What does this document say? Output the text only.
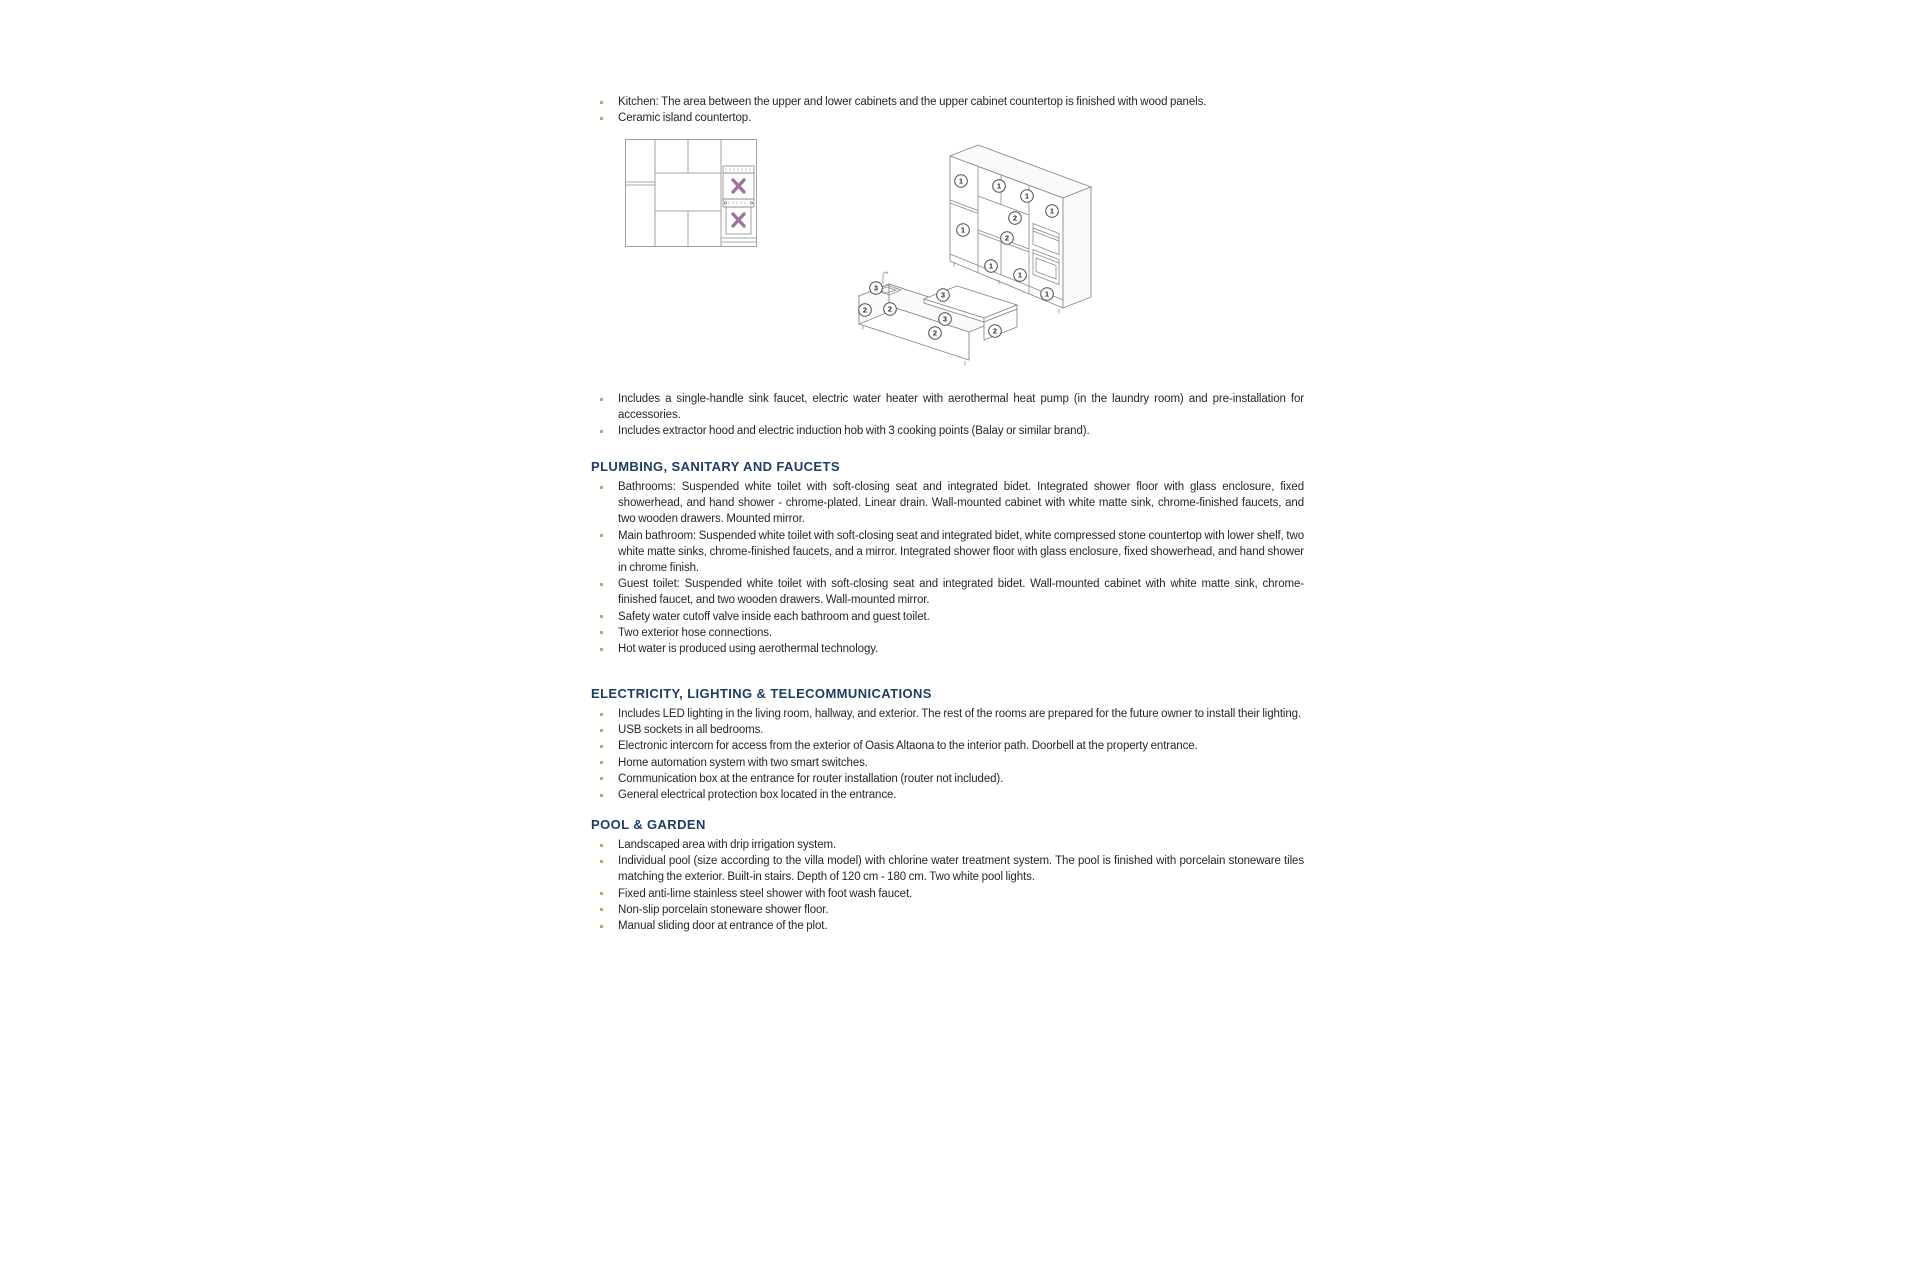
Kitchen: The area between the upper and lower cabinets and the upper cabinet countertop is finished with wood panels.
Ceramic island countertop.
1
1
1
1
2
1
2
1
1
1
3
2	2
3
3
2	2
Includes a single-handle sink faucet, electric water heater with aerothermal heat pump (in the laundry room) and pre-installation for accessories.
Includes extractor hood and electric induction hob with 3 cooking points (Balay or similar brand).
PLUMBING, SANITARY AND FAUCETS
Bathrooms: Suspended white toilet with soft-closing seat and integrated bidet. Integrated shower floor with glass enclosure, fixed showerhead, and hand shower - chrome-plated. Linear drain. Wall-mounted cabinet with white matte sink, chrome-finished faucets, and two wooden drawers. Mounted mirror.
Main bathroom: Suspended white toilet with soft-closing seat and integrated bidet, white compressed stone countertop with lower shelf, two white matte sinks, chrome-finished faucets, and a mirror. Integrated shower floor with glass enclosure, fixed showerhead, and hand shower in chrome finish.
Guest toilet: Suspended white toilet with soft-closing seat and integrated bidet. Wall-mounted cabinet with white matte sink, chrome-finished faucet, and two wooden drawers. Wall-mounted mirror.
Safety water cutoff valve inside each bathroom and guest toilet.
Two exterior hose connections.
Hot water is produced using aerothermal technology.
ELECTRICITY, LIGHTING & TELECOMMUNICATIONS
Includes LED lighting in the living room, hallway, and exterior. The rest of the rooms are prepared for the future owner to install their lighting.
USB sockets in all bedrooms.
Electronic intercom for access from the exterior of Oasis Altaona to the interior path. Doorbell at the property entrance.
Home automation system with two smart switches.
Communication box at the entrance for router installation (router not included).
General electrical protection box located in the entrance.
POOL & GARDEN
Landscaped area with drip irrigation system.
Individual pool (size according to the villa model) with chlorine water treatment system. The pool is finished with porcelain stoneware tiles matching the exterior. Built-in stairs. Depth of 120 cm - 180 cm. Two white pool lights.
Fixed anti-lime stainless steel shower with foot wash faucet.
Non-slip porcelain stoneware shower floor.
Manual sliding door at entrance of the plot.
